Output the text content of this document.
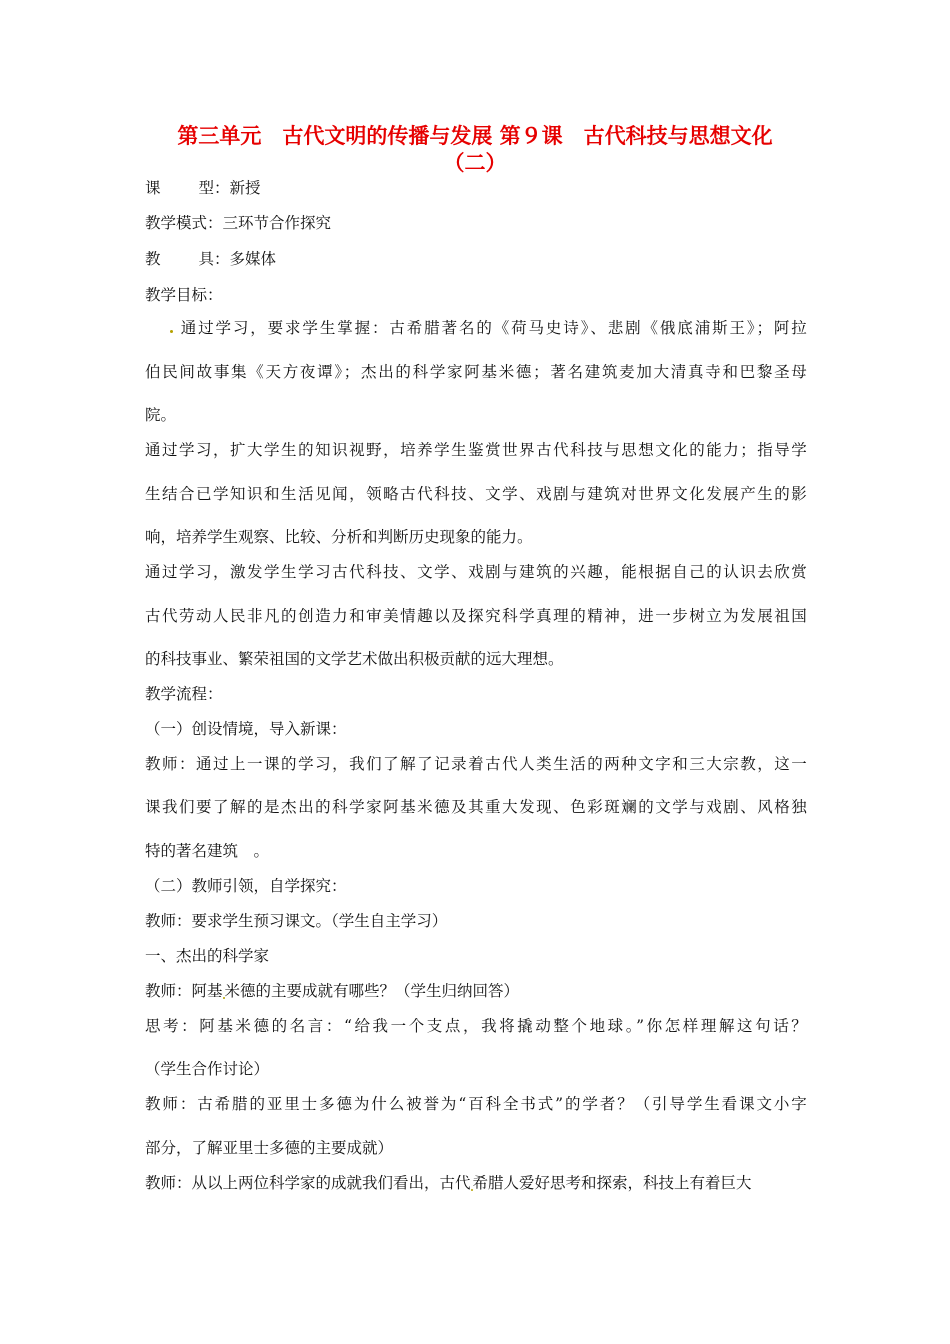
第三单元　古代文明的传播与发展 第９课　古代科技与思想文化
（二）
课 型：新授
教学模式：三环节合作探究
教 具：多媒体
教学目标：
通过学习，要求学生掌握：古希腊著名的《荷马史诗》、悲剧《俄底浦斯王》；阿拉
伯民间故事集《天方夜谭》；杰出的科学家阿基米德；著名建筑麦加大清真寺和巴黎圣母
院。
通过学习，扩大学生的知识视野，培养学生鉴赏世界古代科技与思想文化的能力；指导学
生结合已学知识和生活见闻，领略古代科技、文学、戏剧与建筑对世界文化发展产生的影
响，培养学生观察、比较、分析和判断历史现象的能力。
通过学习，激发学生学习古代科技、文学、戏剧与建筑的兴趣，能根据自己的认识去欣赏
古代劳动人民非凡的创造力和审美情趣以及探究科学真理的精神，进一步树立为发展祖国
的科技事业、繁荣祖国的文学艺术做出积极贡献的远大理想。
教学流程：
（一）创设情境，导入新课：
教师：通过上一课的学习，我们了解了记录着古代人类生活的两种文字和三大宗教，这一
课我们要了解的是杰出的科学家阿基米德及其重大发现、色彩斑斓的文学与戏剧、风格独
特的著名建筑　。
（二）教师引领，自学探究：
教师：要求学生预习课文。（学生自主学习）
一、杰出的科学家
教师：阿基 米德的主要成就有哪些？（学生归纳回答）
思考：阿基米德的名言：“给我一个支点，我将撬动整个地球。”你怎样理解这句话？
（学生合作讨论）
教师：古希腊的亚里士多德为什么被誉为“百科全书式”的学者？（引导学生看课文小字
部分，了解亚里士多德的主要成就）
教师：从以上两位科学家的成就我们看出，古代 希腊人爱好思考和探索，科技上有着巨大
